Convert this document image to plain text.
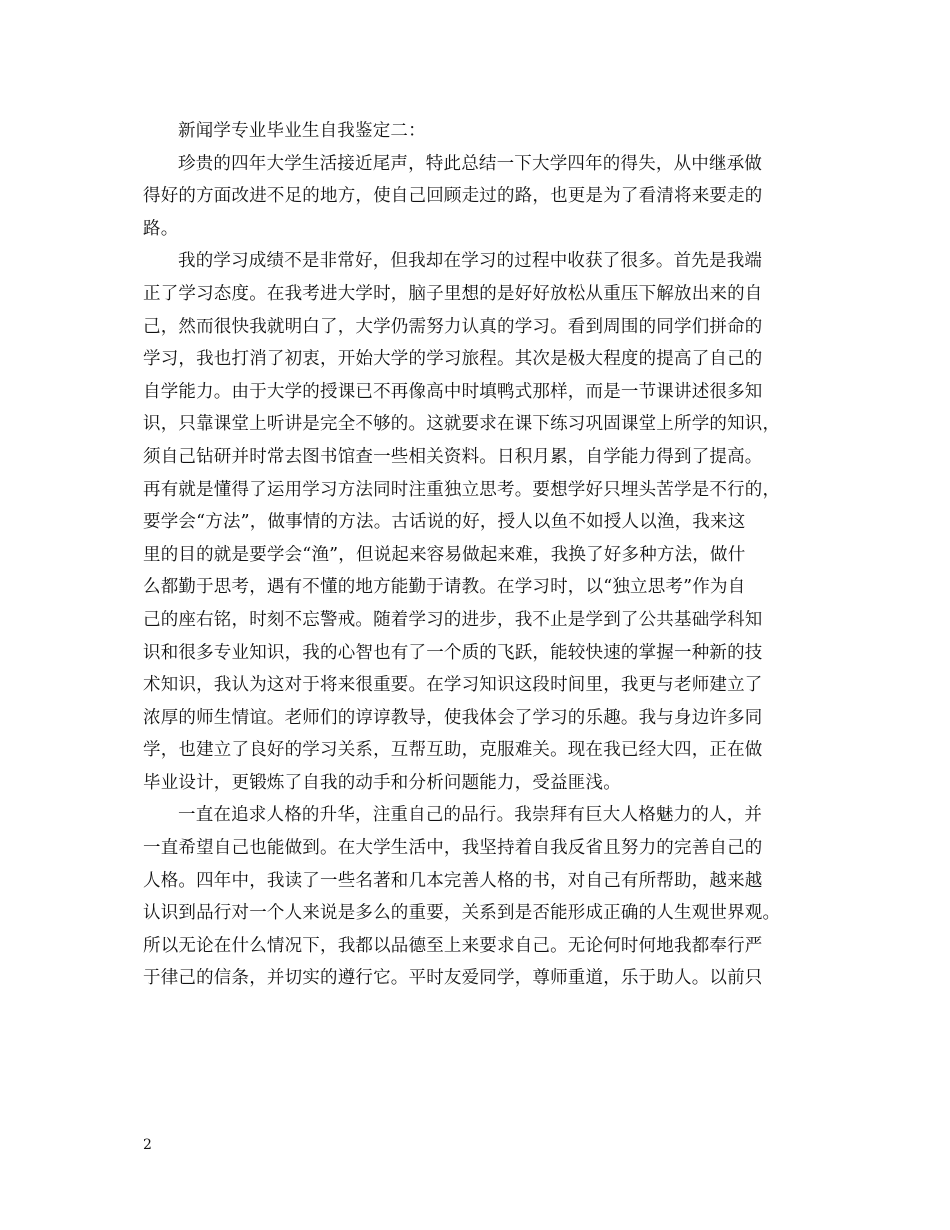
新闻学专业毕业生自我鉴定二：
珍贵的四年大学生活接近尾声，特此总结一下大学四年的得失，从中继承做
得好的方面改进不足的地方，使自己回顾走过的路，也更是为了看清将来要走的
路。
我的学习成绩不是非常好，但我却在学习的过程中收获了很多。首先是我端
正了学习态度。在我考进大学时，脑子里想的是好好放松从重压下解放出来的自
己，然而很快我就明白了，大学仍需努力认真的学习。看到周围的同学们拼命的
学习，我也打消了初衷，开始大学的学习旅程。其次是极大程度的提高了自己的
自学能力。由于大学的授课已不再像高中时填鸭式那样，而是一节课讲述很多知
识，只靠课堂上听讲是完全不够的。这就要求在课下练习巩固课堂上所学的知识，
须自己钻研并时常去图书馆查一些相关资料。日积月累，自学能力得到了提高。
再有就是懂得了运用学习方法同时注重独立思考。要想学好只埋头苦学是不行的，
要学会“方法”，做事情的方法。古话说的好，授人以鱼不如授人以渔，我来这
里的目的就是要学会“渔”，但说起来容易做起来难，我换了好多种方法，做什
么都勤于思考，遇有不懂的地方能勤于请教。在学习时，以“独立思考”作为自
己的座右铭，时刻不忘警戒。随着学习的进步，我不止是学到了公共基础学科知
识和很多专业知识，我的心智也有了一个质的飞跃，能较快速的掌握一种新的技
术知识，我认为这对于将来很重要。在学习知识这段时间里，我更与老师建立了
浓厚的师生情谊。老师们的谆谆教导，使我体会了学习的乐趣。我与身边许多同
学，也建立了良好的学习关系，互帮互助，克服难关。现在我已经大四，正在做
毕业设计，更锻炼了自我的动手和分析问题能力，受益匪浅。
一直在追求人格的升华，注重自己的品行。我崇拜有巨大人格魅力的人，并
一直希望自己也能做到。在大学生活中，我坚持着自我反省且努力的完善自己的
人格。四年中，我读了一些名著和几本完善人格的书，对自己有所帮助，越来越
认识到品行对一个人来说是多么的重要，关系到是否能形成正确的人生观世界观。
所以无论在什么情况下，我都以品德至上来要求自己。无论何时何地我都奉行严
于律己的信条，并切实的遵行它。平时友爱同学，尊师重道，乐于助人。以前只
2
